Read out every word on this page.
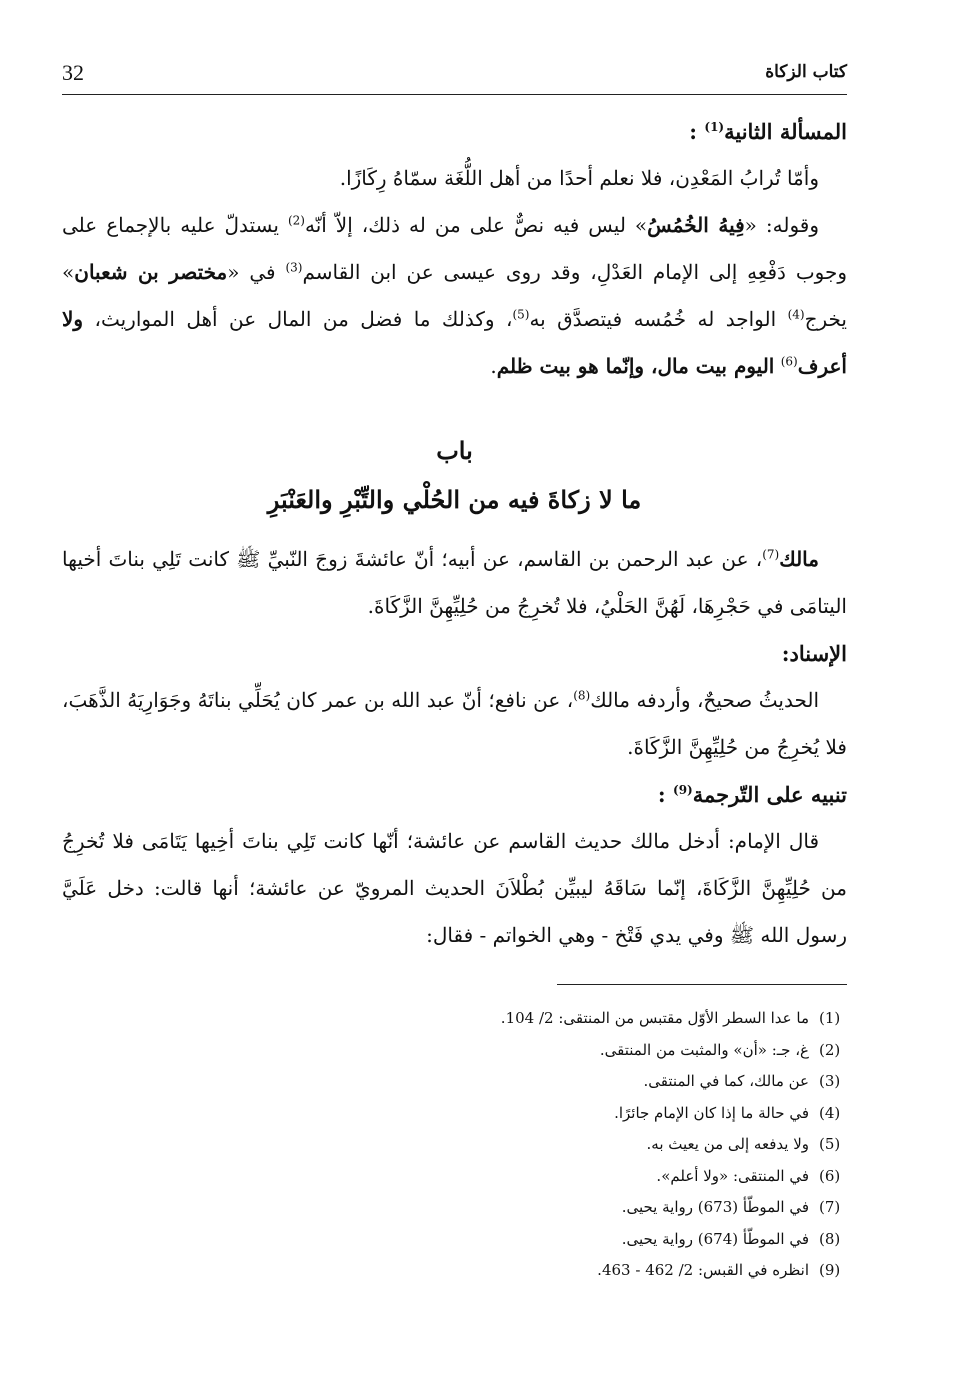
32	كتاب الزكاة

المسألة الثانية$^{(1)}$ :

وأمّا تُرابُ المَعْدِن، فلا نعلم أحدًا من أهل اللُّغَة سمّاهُ رِكَازًا.

وقوله: «فِيهُ الخُمُسُ» ليس فيه نصٌّ على من له ذلك، إلاّ أنّه$^{(2)}$ يستدلّ عليه بالإجماع على وجوب دَفْعِهِ إلى الإمام العَدْلِ، وقد روى عيسى عن ابن القاسم$^{(3)}$ في «مختصر بن شعبان» يخرج$^{(4)}$ الواجد له خُمُسه فيتصدَّق به$^{(5)}$، وكذلك ما فضل من المال عن أهل المواريث، ولا أعرف$^{(6)}$ اليوم بيت مال، وإنّما هو بيت ظلم.

باب
ما لا زكاةَ فيه من الحُلْي والتِّبْرِ والعَنْبَرِ

مالك$^{(7)}$، عن عبد الرحمن بن القاسم، عن أبيه؛ أنّ عائشةَ زوجَ النّبيِّ ﷺ كانت تَلِي بناتَ أخيها اليتامَى في حَجْرِهَا، لَهُنَّ الحَلْيُ، فلا تُخرِجُ من حُلِيِّهِنَّ الزَّكَاةَ.

الإسناد:

الحديثُ صحيحٌ، وأردفه مالك$^{(8)}$، عن نافع؛ أنّ عبد الله بن عمر كان يُحَلِّي بناتَهُ وجَوَارِيَهُ الذَّهَبَ، فلا يُخرِجُ من حُلِيِّهِنَّ الزَّكَاةَ.

تنبيه على التّرجمة$^{(9)}$ :

قال الإمام: أدخل مالك حديث القاسم عن عائشة؛ أنّها كانت تَلِي بناتَ أخِيها يَتَامَى فلا تُخرِجُ من حُلِيِّهِنَّ الزَّكَاةَ، إنّما سَاقَهُ ليبيِّن بُطْلاَنَ الحديث المرويّ عن عائشة؛ أنها قالت: دخل عَلَيَّ رسول الله ﷺ وفي يدي فَتْخ - وهي الخواتم - فقال:

(1)
ما عدا السطر الأوّل مقتبس من المنتقى: 2/ 104.
(2)
غ، جـ: «أن» والمثبت من المنتقى.
(3)
عن مالك، كما في المنتقى.
(4)
في حالة ما إذا كان الإمام جائرًا.
(5)
ولا يدفعه إلى من يعيث به.
(6)
في المنتقى: «ولا أعلم».
(7)
في الموطّأ (673) رواية يحيى.
(8)
في الموطّأ (674) رواية يحيى.
(9)
انظره في القبس: 2/ 462 - 463.
